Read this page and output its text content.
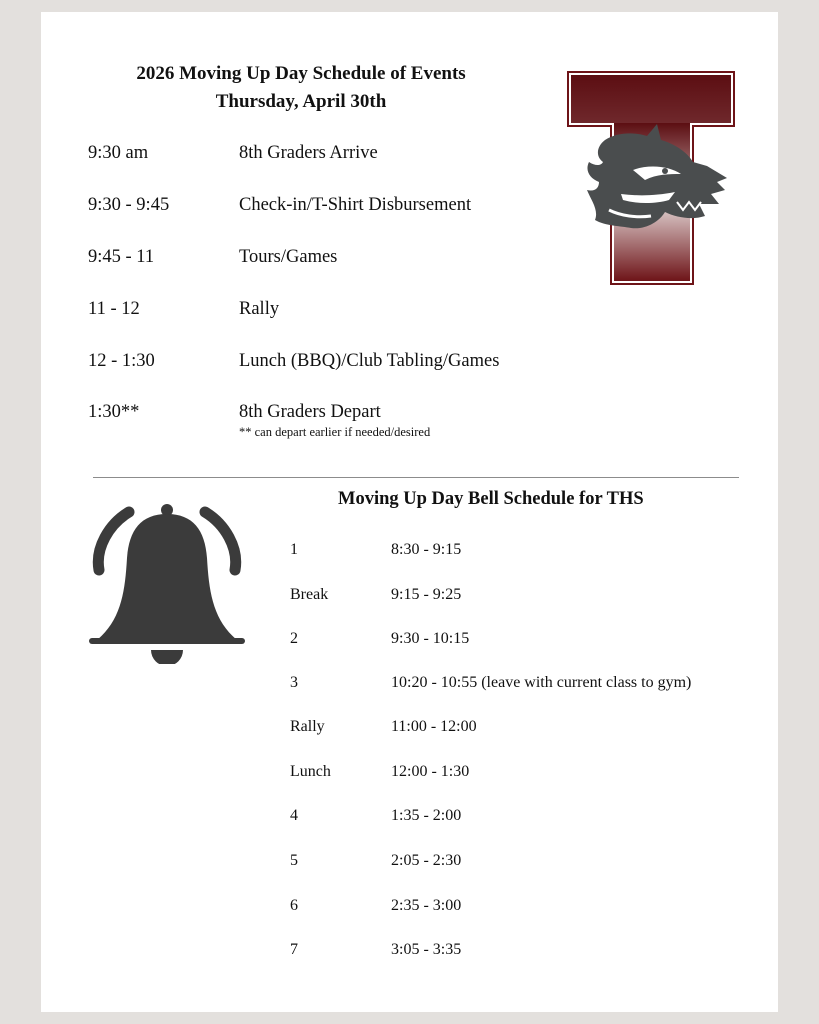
2026 Moving Up Day Schedule of Events
Thursday, April 30th
9:30 am	8th Graders Arrive
9:30 - 9:45	Check-in/T-Shirt Disbursement
9:45 - 11	Tours/Games
11 - 12	Rally
12 - 1:30	Lunch (BBQ)/Club Tabling/Games
1:30**	8th Graders Depart
** can depart earlier if needed/desired
Moving Up Day Bell Schedule for THS
1	8:30 - 9:15
Break	9:15 - 9:25
2	9:30 - 10:15
3	10:20 - 10:55 (leave with current class to gym)
Rally	11:00 - 12:00
Lunch	12:00 - 1:30
4	1:35 - 2:00
5	2:05 - 2:30
6	2:35 - 3:00
7	3:05 - 3:35
